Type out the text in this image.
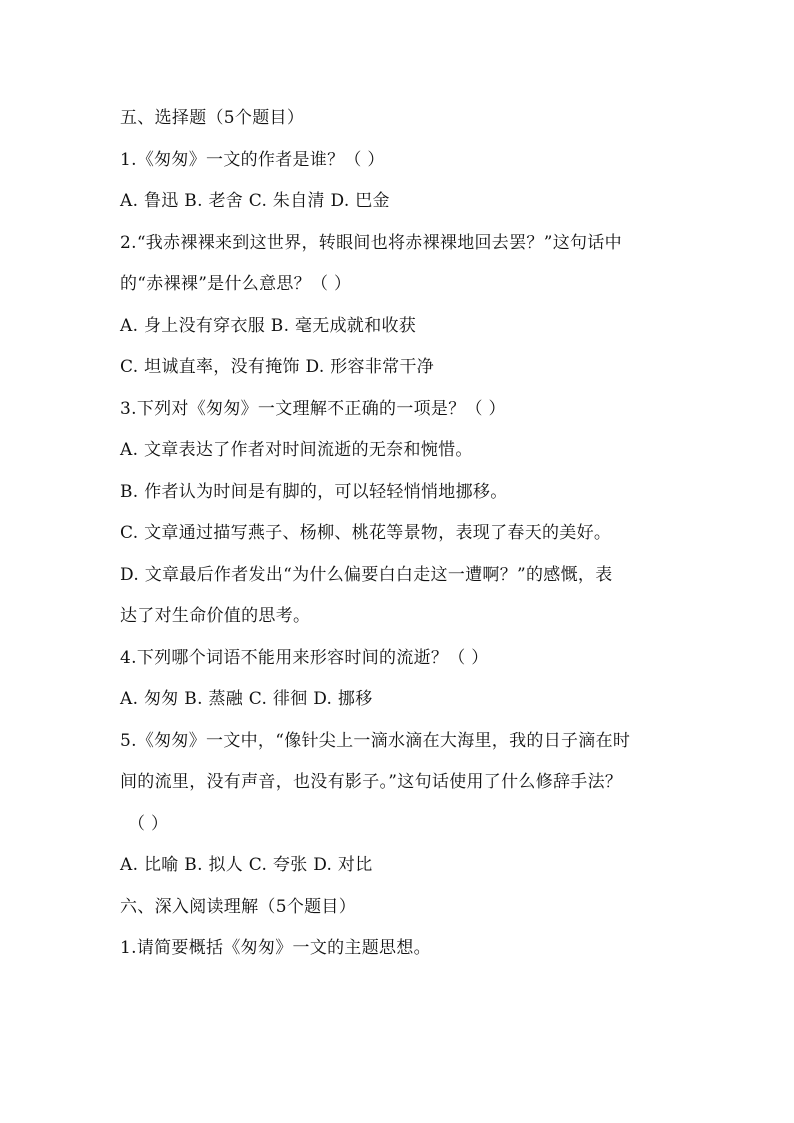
五、选择题（5个题目）
1.《匆匆》一文的作者是谁？（ ）
A. 鲁迅 B. 老舍 C. 朱自清 D. 巴金
2.“我赤裸裸来到这世界，转眼间也将赤裸裸地回去罢？”这句话中
的“赤裸裸”是什么意思？（ ）
A. 身上没有穿衣服 B. 毫无成就和收获
C. 坦诚直率，没有掩饰 D. 形容非常干净
3.下列对《匆匆》一文理解不正确的一项是？（ ）
A. 文章表达了作者对时间流逝的无奈和惋惜。
B. 作者认为时间是有脚的，可以轻轻悄悄地挪移。
C. 文章通过描写燕子、杨柳、桃花等景物，表现了春天的美好。
D. 文章最后作者发出“为什么偏要白白走这一遭啊？”的感慨，表
达了对生命价值的思考。
4.下列哪个词语不能用来形容时间的流逝？（ ）
A. 匆匆 B. 蒸融 C. 徘徊 D. 挪移
5.《匆匆》一文中，“像针尖上一滴水滴在大海里，我的日子滴在时
间的流里，没有声音，也没有影子。”这句话使用了什么修辞手法？
（ ）
A. 比喻 B. 拟人 C. 夸张 D. 对比
六、深入阅读理解（5个题目）
1.请简要概括《匆匆》一文的主题思想。
